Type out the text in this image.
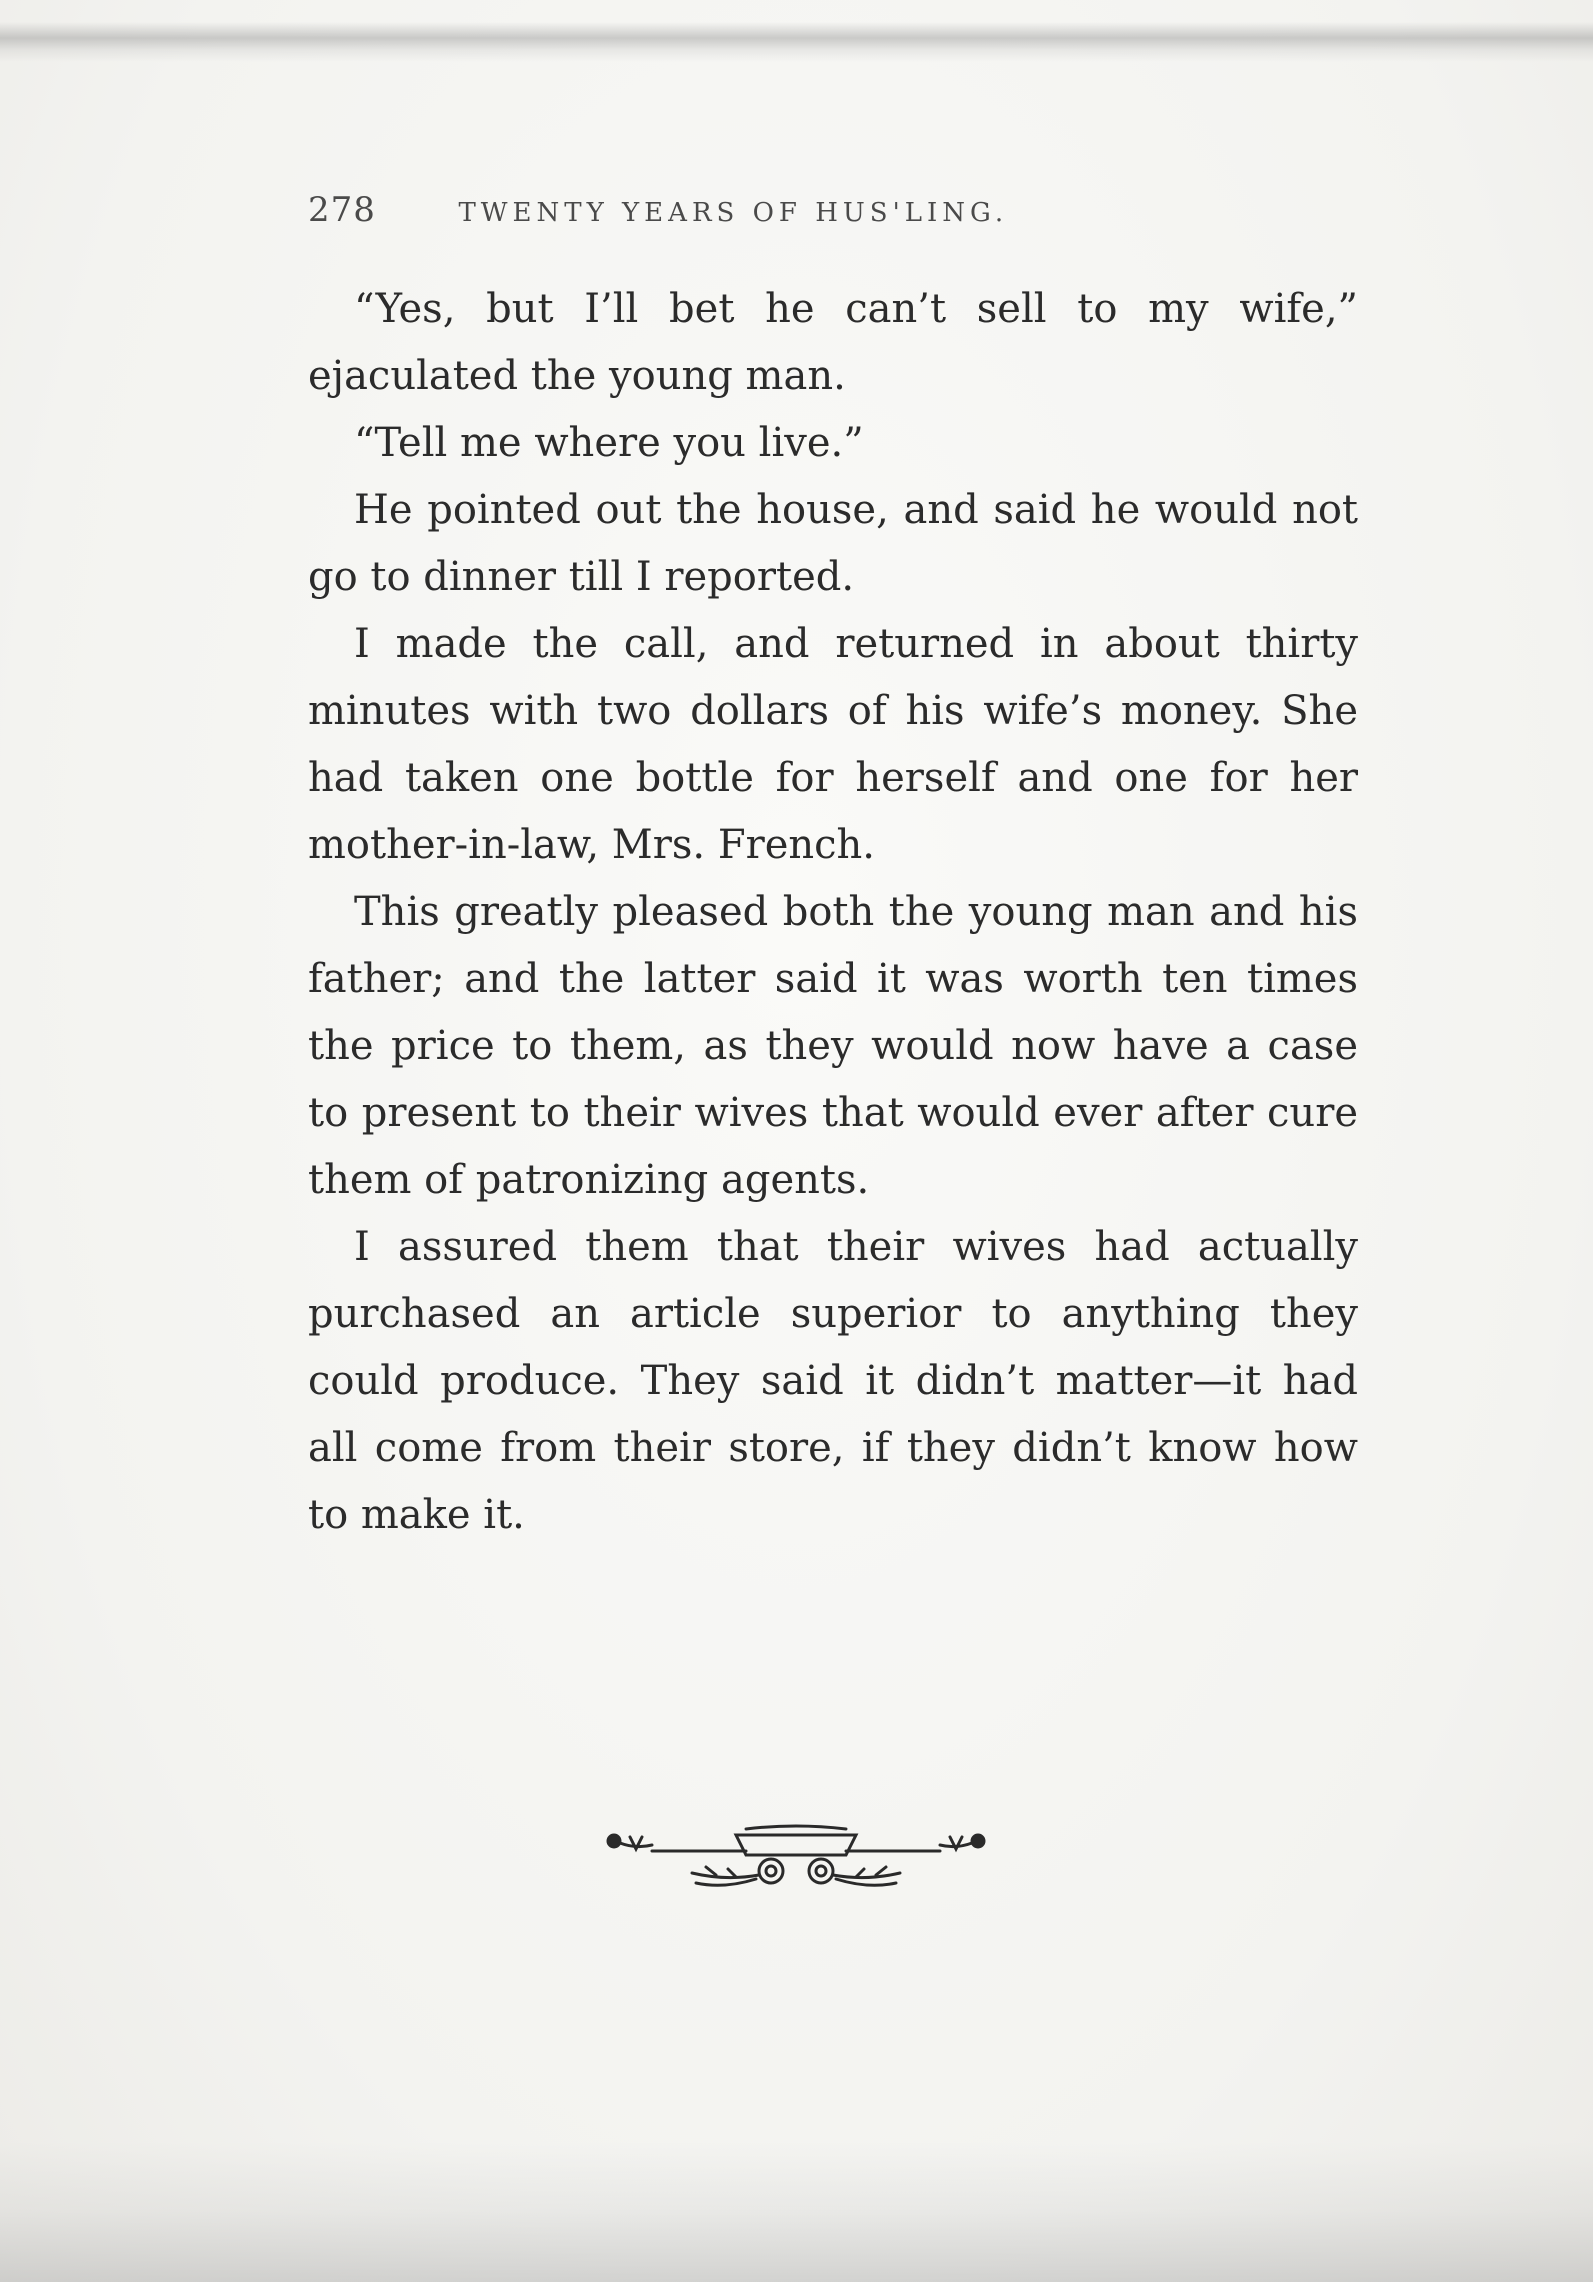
278	TWENTY YEARS OF HUS'LING.

“Yes, but I’ll bet he can’t sell to my wife,” ejaculated the young man.

“Tell me where you live.”

He pointed out the house, and said he would not go to dinner till I reported.

I made the call, and returned in about thirty minutes with two dollars of his wife’s money. She had taken one bottle for herself and one for her mother-in-law, Mrs. French.

This greatly pleased both the young man and his father; and the latter said it was worth ten times the price to them, as they would now have a case to present to their wives that would ever after cure them of patronizing agents.

I assured them that their wives had actually purchased an article superior to anything they could produce. They said it didn’t matter—it had all come from their store, if they didn’t know how to make it.
